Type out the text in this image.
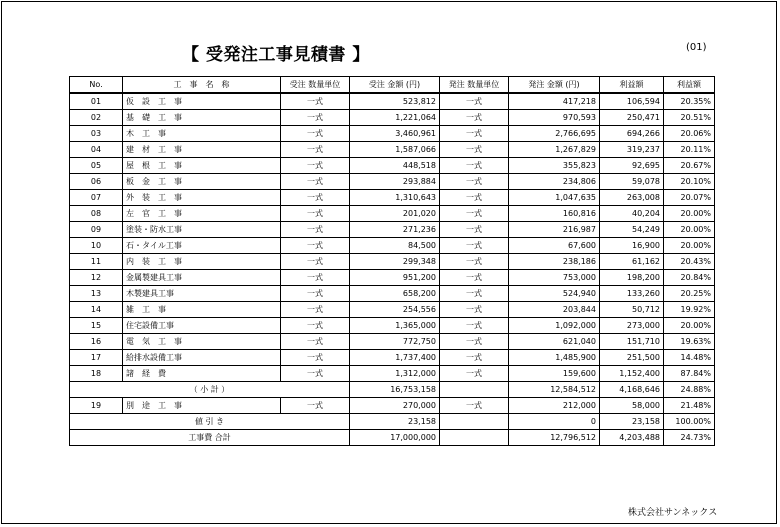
【 受発注工事見積書 】	(01)
No.	工　事　名　称	受注 数量単位	受注 金額 (円)	発注 数量単位	発注 金額 (円)	利益額	利益額
01	仮　設　工　事	一式	523,812	一式	417,218	106,594	20.35%
02	基　礎　工　事	一式	1,221,064	一式	970,593	250,471	20.51%
03	木　工　事	一式	3,460,961	一式	2,766,695	694,266	20.06%
04	建　材　工　事	一式	1,587,066	一式	1,267,829	319,237	20.11%
05	屋　根　工　事	一式	448,518	一式	355,823	92,695	20.67%
06	板　金　工　事	一式	293,884	一式	234,806	59,078	20.10%
07	外　装　工　事	一式	1,310,643	一式	1,047,635	263,008	20.07%
08	左　官　工　事	一式	201,020	一式	160,816	40,204	20.00%
09	塗装・防水工事	一式	271,236	一式	216,987	54,249	20.00%
10	石・タイル工事	一式	84,500	一式	67,600	16,900	20.00%
11	内　装　工　事	一式	299,348	一式	238,186	61,162	20.43%
12	金属製建具工事	一式	951,200	一式	753,000	198,200	20.84%
13	木製建具工事	一式	658,200	一式	524,940	133,260	20.25%
14	雑　工　事	一式	254,556	一式	203,844	50,712	19.92%
15	住宅設備工事	一式	1,365,000	一式	1,092,000	273,000	20.00%
16	電　気　工　事	一式	772,750	一式	621,040	151,710	19.63%
17	給排水設備工事	一式	1,737,400	一式	1,485,900	251,500	14.48%
18	諸　経　費	一式	1,312,000	一式	159,600	1,152,400	87.84%
（ 小 計 ）			16,753,158		12,584,512	4,168,646	24.88%
19	別　途　工　事	一式	270,000	一式	212,000	58,000	21.48%
値 引 き			23,158		0	23,158	100.00%
工事費 合計			17,000,000		12,796,512	4,203,488	24.73%
株式会社サンネックス
